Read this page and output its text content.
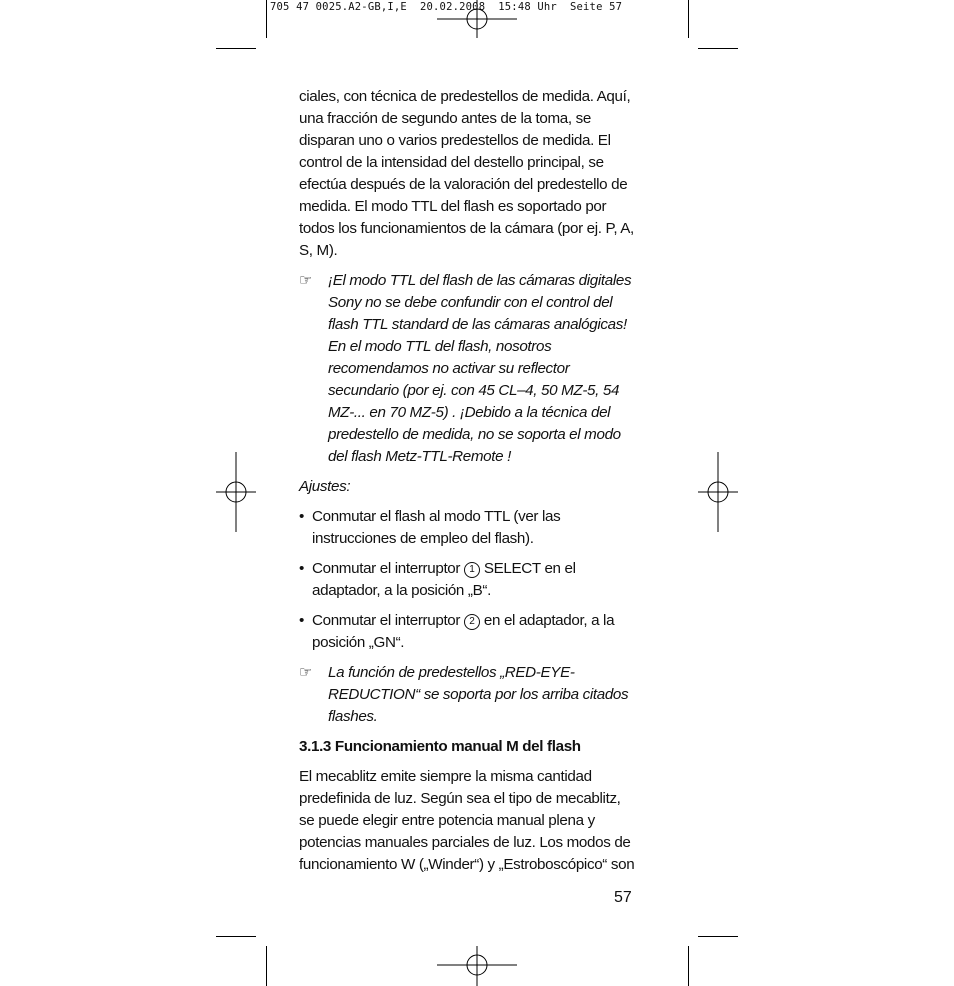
705 47 0025.A2-GB,I,E  20.02.2008  15:48 Uhr  Seite 57

ciales, con técnica de predestellos de medida. Aquí, una fracción de segundo antes de la toma, se disparan uno o varios predestellos de medida. El control de la intensidad del destello principal, se efectúa después de la valoración del predestello de medida. El modo TTL del flash es soportado por todos los funcionamientos de la cámara (por ej. P, A, S, M).

☞ ¡El modo TTL del flash de las cámaras digitales Sony no se debe confundir con el control del flash TTL standard de las cámaras analógicas! En el modo TTL del flash, nosotros recomendamos no activar su reflector secundario (por ej. con 45 CL–4, 50 MZ-5, 54 MZ-... en 70 MZ-5) . ¡Debido a la técnica del predestello de medida, no se soporta el modo del flash Metz-TTL-Remote !

Ajustes:

• Conmutar el flash al modo TTL (ver las instrucciones de empleo del flash).
• Conmutar el interruptor 1 SELECT en el adaptador, a la posición „B“.
• Conmutar el interruptor 2 en el adaptador, a la posición „GN“.
☞ La función de predestellos „RED-EYE-REDUCTION“ se soporta por los arriba citados flashes.

3.1.3 Funcionamiento manual M del flash

El mecablitz emite siempre la misma cantidad predefinida de luz. Según sea el tipo de mecablitz, se puede elegir entre potencia manual plena y potencias manuales parciales de luz. Los modos de funcionamiento W („Winder“) y „Estroboscópico“ son

57
